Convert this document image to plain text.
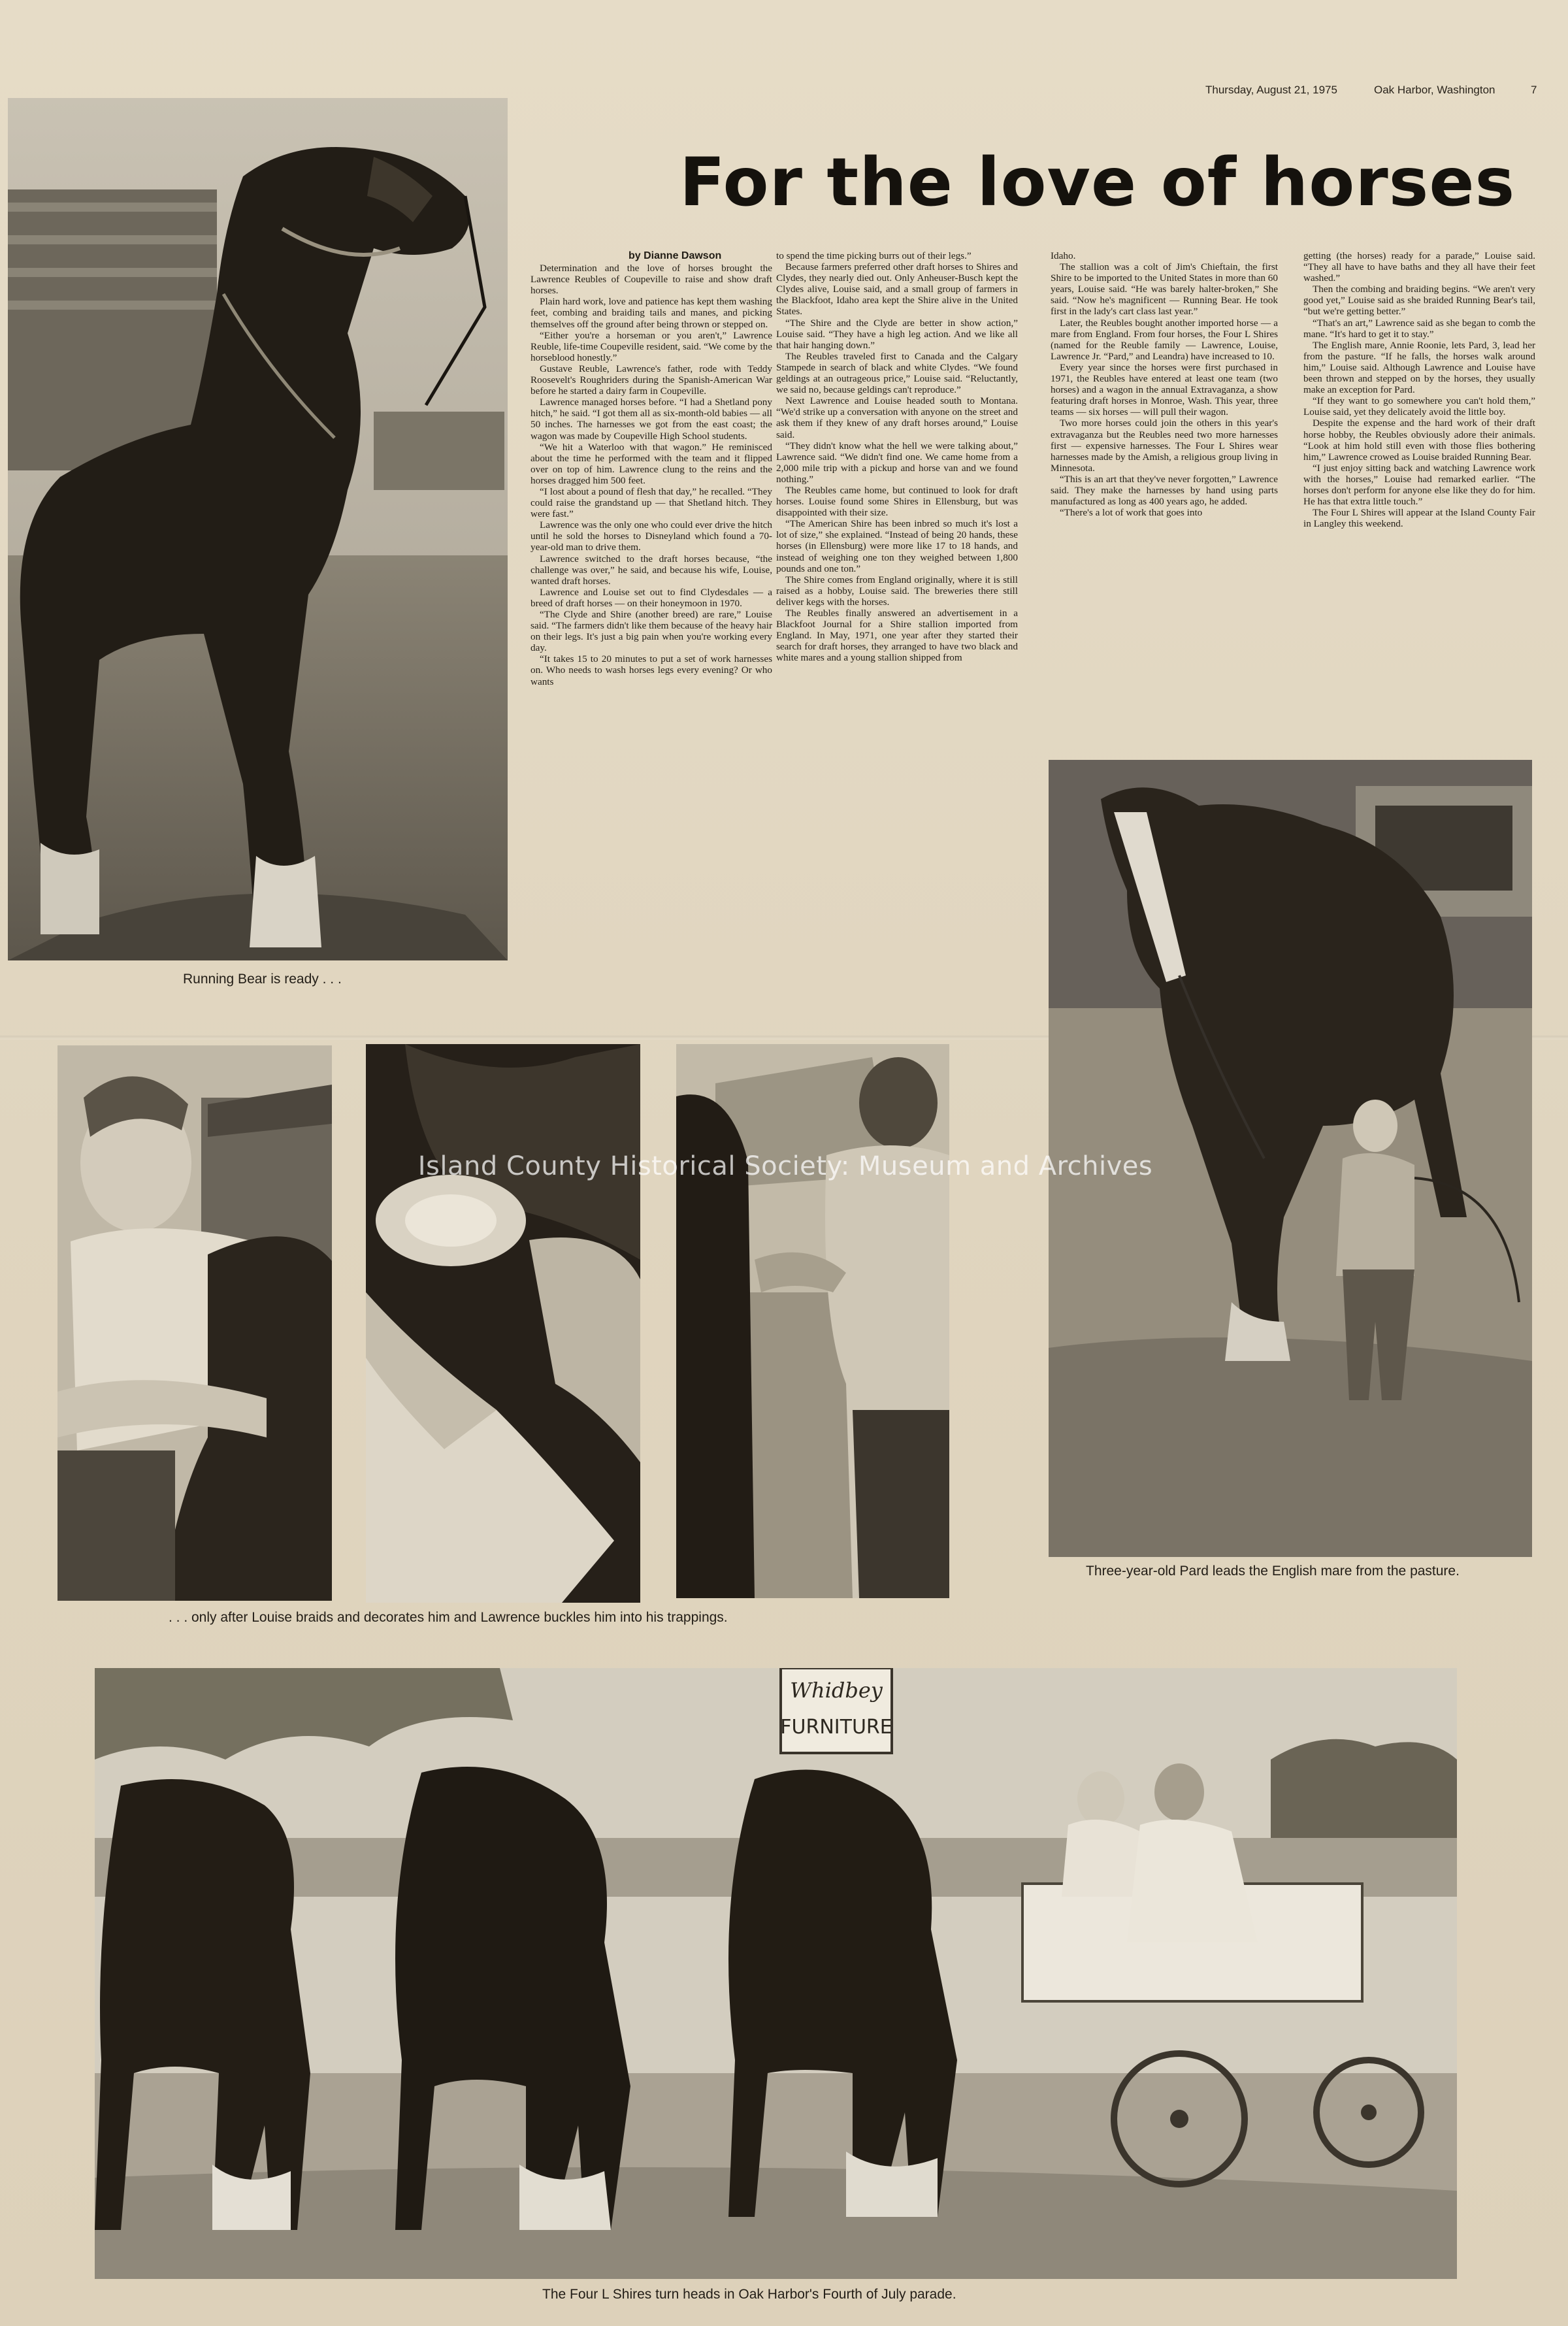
Thursday, August 21, 1975	Oak Harbor, Washington	7
For the love of horses
Running Bear is ready . . .

by Dianne Dawson

Determination and the love of horses brought the Lawrence Reubles of Coupeville to raise and show draft horses.

Plain hard work, love and patience has kept them washing feet, combing and braiding tails and manes, and picking themselves off the ground after being thrown or stepped on.

“Either you're a horseman or you aren't,” Lawrence Reuble, life-time Coupeville resident, said. “We come by the horseblood honestly.”

Gustave Reuble, Lawrence's father, rode with Teddy Roosevelt's Roughriders during the Spanish-American War before he started a dairy farm in Coupeville.

Lawrence managed horses before. “I had a Shetland pony hitch,” he said. “I got them all as six-month-old babies — all 50 inches. The harnesses we got from the east coast; the wagon was made by Coupeville High School students.

“We hit a Waterloo with that wagon.” He reminisced about the time he performed with the team and it flipped over on top of him. Lawrence clung to the reins and the horses dragged him 500 feet.

“I lost about a pound of flesh that day,” he recalled. “They could raise the grandstand up — that Shetland hitch. They were fast.”

Lawrence was the only one who could ever drive the hitch until he sold the horses to Disneyland which found a 70-year-old man to drive them.

Lawrence switched to the draft horses because, “the challenge was over,” he said, and because his wife, Louise, wanted draft horses.

Lawrence and Louise set out to find Clydesdales — a breed of draft horses — on their honeymoon in 1970.

“The Clyde and Shire (another breed) are rare,” Louise said. “The farmers didn't like them because of the heavy hair on their legs. It's just a big pain when you're working every day.

“It takes 15 to 20 minutes to put a set of work harnesses on. Who needs to wash horses legs every evening? Or who wants

to spend the time picking burrs out of their legs.”

Because farmers preferred other draft horses to Shires and Clydes, they nearly died out. Only Anheuser-Busch kept the Clydes alive, Louise said, and a small group of farmers in the Blackfoot, Idaho area kept the Shire alive in the United States.

“The Shire and the Clyde are better in show action,” Louise said. “They have a high leg action. And we like all that hair hanging down.”

The Reubles traveled first to Canada and the Calgary Stampede in search of black and white Clydes. “We found geldings at an outrageous price,” Louise said. “Reluctantly, we said no, because geldings can't reproduce.”

Next Lawrence and Louise headed south to Montana. “We'd strike up a conversation with anyone on the street and ask them if they knew of any draft horses around,” Louise said.

“They didn't know what the hell we were talking about,” Lawrence said. “We didn't find one. We came home from a 2,000 mile trip with a pickup and horse van and we found nothing.”

The Reubles came home, but continued to look for draft horses. Louise found some Shires in Ellensburg, but was disappointed with their size.

“The American Shire has been inbred so much it's lost a lot of size,” she explained. “Instead of being 20 hands, these horses (in Ellensburg) were more like 17 to 18 hands, and instead of weighing one ton they weighed between 1,800 pounds and one ton.”

The Shire comes from England originally, where it is still raised as a hobby, Louise said. The breweries there still deliver kegs with the horses.

The Reubles finally answered an advertisement in a Blackfoot Journal for a Shire stallion imported from England. In May, 1971, one year after they started their search for draft horses, they arranged to have two black and white mares and a young stallion shipped from

Idaho.

The stallion was a colt of Jim's Chieftain, the first Shire to be imported to the United States in more than 60 years, Louise said. “He was barely halter-broken,” She said. “Now he's magnificent — Running Bear. He took first in the lady's cart class last year.”

Later, the Reubles bought another imported horse — a mare from England. From four horses, the Four L Shires (named for the Reuble family — Lawrence, Louise, Lawrence Jr. “Pard,” and Leandra) have increased to 10.

Every year since the horses were first purchased in 1971, the Reubles have entered at least one team (two horses) and a wagon in the annual Extravaganza, a show featuring draft horses in Monroe, Wash. This year, three teams — six horses — will pull their wagon.

Two more horses could join the others in this year's extravaganza but the Reubles need two more harnesses first — expensive harnesses. The Four L Shires wear harnesses made by the Amish, a religious group living in Minnesota.

“This is an art that they've never forgotten,” Lawrence said. They make the harnesses by hand using parts manufactured as long as 400 years ago, he added.

“There's a lot of work that goes into

getting (the horses) ready for a parade,” Louise said. “They all have to have baths and they all have their feet washed.”

Then the combing and braiding begins. “We aren't very good yet,” Louise said as she braided Running Bear's tail, “but we're getting better.”

“That's an art,” Lawrence said as she began to comb the mane. “It's hard to get it to stay.”

The English mare, Annie Roonie, lets Pard, 3, lead her from the pasture. “If he falls, the horses walk around him,” Louise said. Although Lawrence and Louise have been thrown and stepped on by the horses, they usually make an exception for Pard.

“If they want to go somewhere you can't hold them,” Louise said, yet they delicately avoid the little boy.

Despite the expense and the hard work of their draft horse hobby, the Reubles obviously adore their animals. “Look at him hold still even with those flies bothering him,” Lawrence crowed as Louise braided Running Bear.

“I just enjoy sitting back and watching Lawrence work with the horses,” Louise had remarked earlier. “The horses don't perform for anyone else like they do for him. He has that extra little touch.”

The Four L Shires will appear at the Island County Fair in Langley this weekend.

Three-year-old Pard leads the English mare from the pasture.
. . . only after Louise braids and decorates him and Lawrence buckles him into his trappings.
Whidbey
FURNITURE
The Four L Shires turn heads in Oak Harbor's Fourth of July parade.
Island County Historical Society: Museum and Archives
